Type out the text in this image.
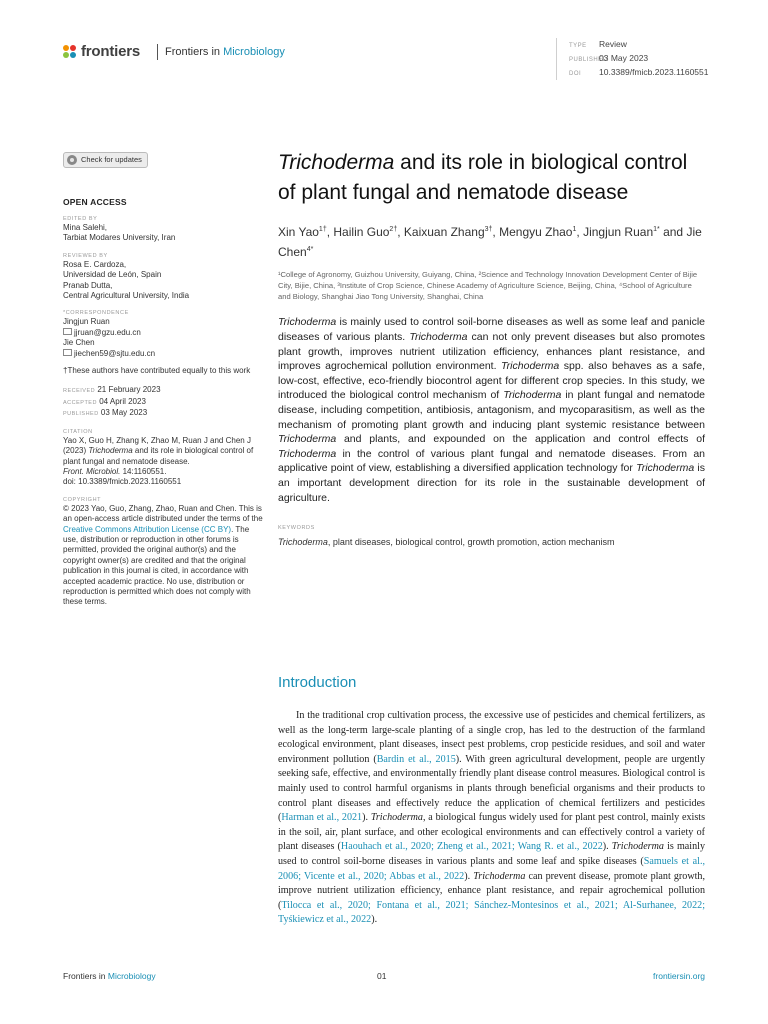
frontiers Frontiers in Microbiology	TYPE Review
PUBLISHED03 May 2023
DOI 10.3389/fmicb.2023.1160551
Check for updates
OPEN ACCESS
EDITED BY
Mina Salehi,
Tarbiat Modares University, Iran
REVIEWED BY
Rosa E. Cardoza,
Universidad de León, Spain
Pranab Dutta,
Central Agricultural University, India
*CORRESPONDENCE
Jingjun Ruan
jjruan@gzu.edu.cn
Jie Chen
jiechen59@sjtu.edu.cn
†These authors have contributed equally to this work
RECEIVED 21 February 2023
ACCEPTED 04 April 2023
PUBLISHED 03 May 2023
CITATION
Yao X, Guo H, Zhang K, Zhao M, Ruan J and Chen J (2023) Trichoderma and its role in biological control of plant fungal and nematode disease.
Front. Microbiol. 14:1160551.
doi: 10.3389/fmicb.2023.1160551
COPYRIGHT
© 2023 Yao, Guo, Zhang, Zhao, Ruan and Chen. This is an open-access article distributed under the terms of the Creative Commons Attribution License (CC BY). The use, distribution or reproduction in other forums is permitted, provided the original author(s) and the copyright owner(s) are credited and that the original publication in this journal is cited, in accordance with accepted academic practice. No use, distribution or reproduction is permitted which does not comply with these terms.
Trichoderma and its role in biological control of plant fungal and nematode disease
Xin Yao$^{1\dagger}$, Hailin Guo$^{2\dagger}$, Kaixuan Zhang$^{3\dagger}$, Mengyu Zhao$^1$, Jingjun Ruan$^{1*}$ and Jie Chen$^{4*}$
¹College of Agronomy, Guizhou University, Guiyang, China, ²Science and Technology Innovation Development Center of Bijie City, Bijie, China, ³Institute of Crop Science, Chinese Academy of Agriculture Science, Beijing, China, ⁴School of Agriculture and Biology, Shanghai Jiao Tong University, Shanghai, China
Trichoderma is mainly used to control soil-borne diseases as well as some leaf and panicle diseases of various plants. Trichoderma can not only prevent diseases but also promotes plant growth, improves nutrient utilization efficiency, enhances plant resistance, and improves agrochemical pollution environment. Trichoderma spp. also behaves as a safe, low-cost, effective, eco-friendly biocontrol agent for different crop species. In this study, we introduced the biological control mechanism of Trichoderma in plant fungal and nematode disease, including competition, antibiosis, antagonism, and mycoparasitism, as well as the mechanism of promoting plant growth and inducing plant systemic resistance between Trichoderma and plants, and expounded on the application and control effects of Trichoderma in the control of various plant fungal and nematode diseases. From an applicative point of view, establishing a diversified application technology for Trichoderma is an important development direction for its role in the sustainable development of agriculture.
KEYWORDS
Trichoderma, plant diseases, biological control, growth promotion, action mechanism
Introduction

In the traditional crop cultivation process, the excessive use of pesticides and chemical fertilizers, as well as the long-term large-scale planting of a single crop, has led to the destruction of the farmland ecological environment, plant diseases, insect pest problems, crop pesticide residues, and soil and water environment pollution (Bardin et al., 2015). With green agricultural development, people are urgently seeking safe, effective, and environmentally friendly plant disease control measures. Biological control is mainly used to control harmful organisms in plants through beneficial organisms and their products to control plant diseases and effectively reduce the application of chemical fertilizers and pesticides (Harman et al., 2021). Trichoderma, a biological fungus widely used for plant pest control, mainly exists in the soil, air, plant surface, and other ecological environments and can effectively control a variety of plant diseases (Haouhach et al., 2020; Zheng et al., 2021; Wang R. et al., 2022). Trichoderma is mainly used to control soil-borne diseases in various plants and some leaf and spike diseases (Samuels et al., 2006; Vicente et al., 2020; Abbas et al., 2022). Trichoderma can prevent disease, promote plant growth, improve nutrient utilization efficiency, enhance plant resistance, and repair agrochemical pollution (Tilocca et al., 2020; Fontana et al., 2021; Sánchez-Montesinos et al., 2021; Al-Surhanee, 2022; Tyśkiewicz et al., 2022).

Frontiers in Microbiology	01	frontiersin.org
